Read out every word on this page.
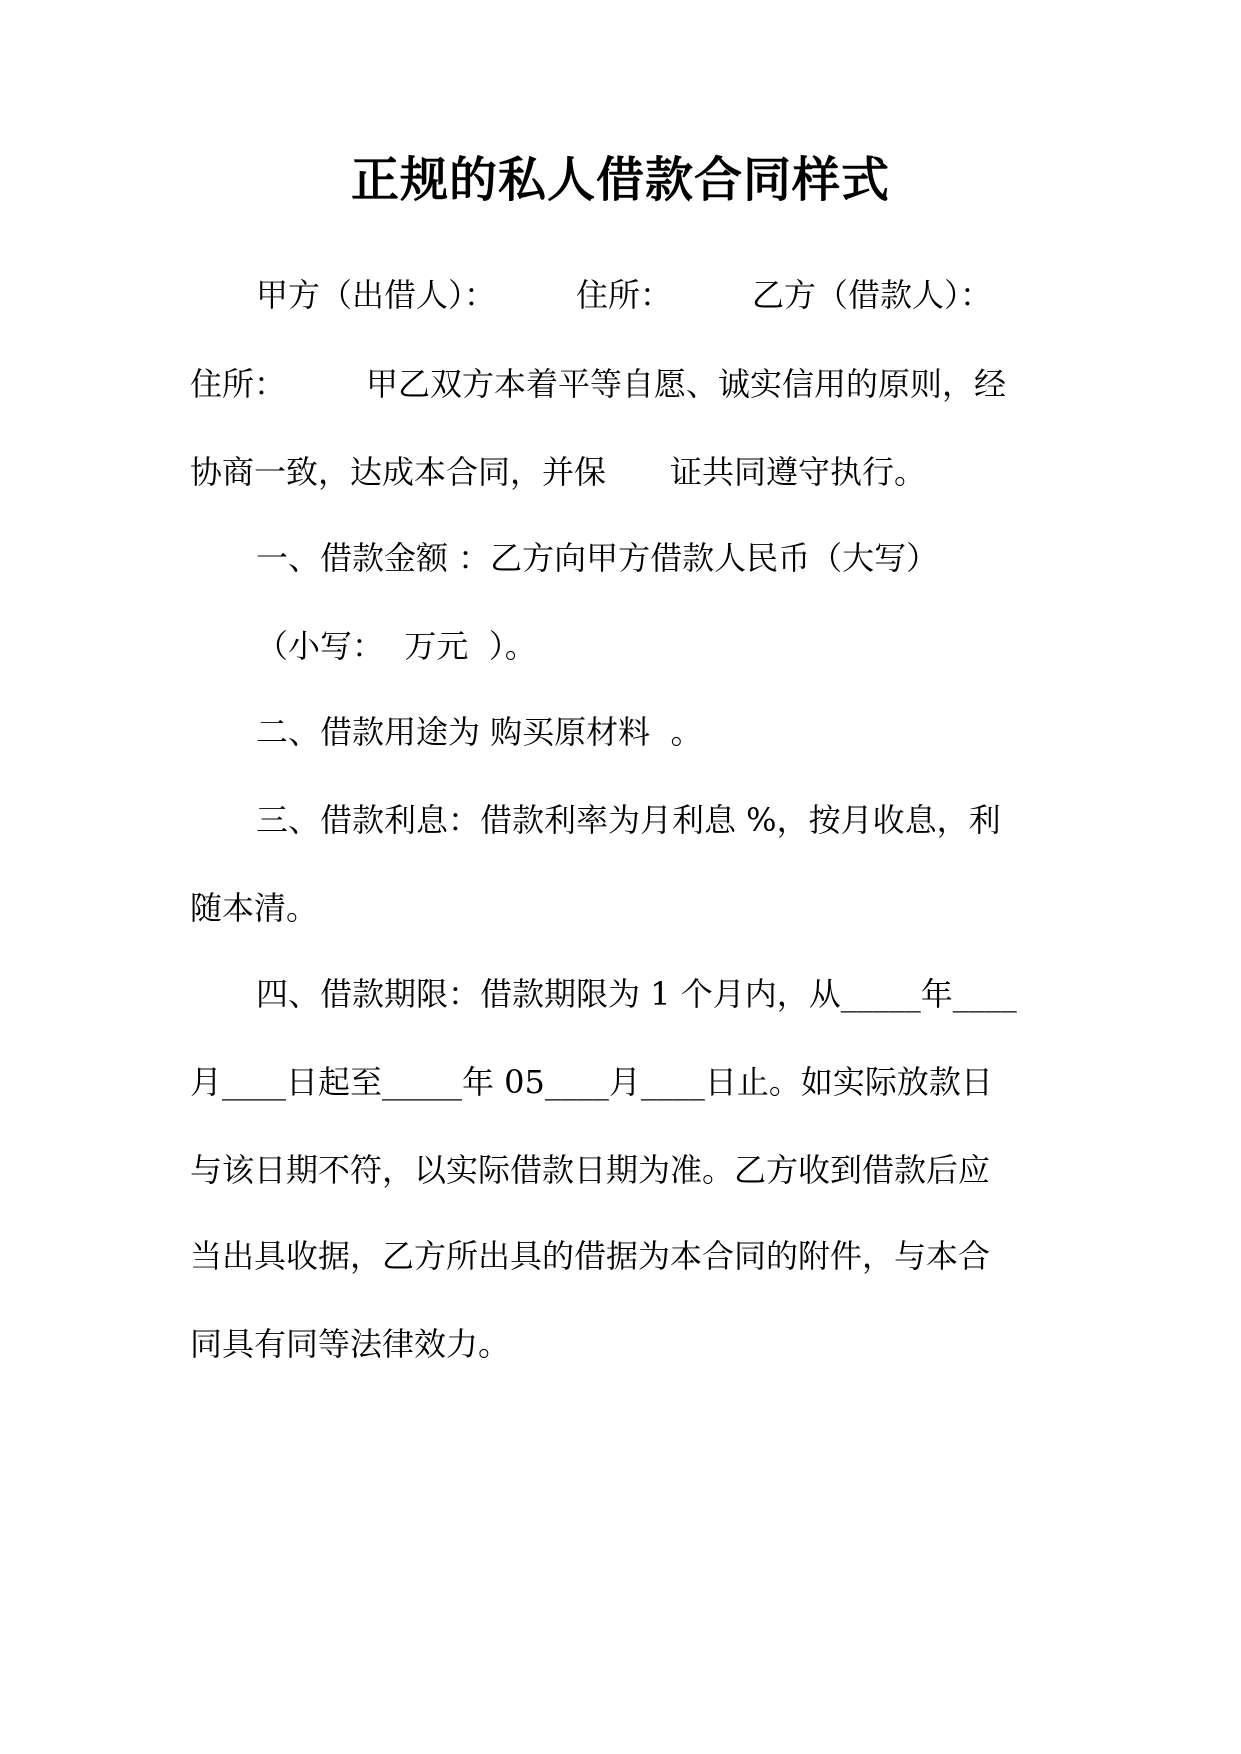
正规的私人借款合同样式
甲方（出借人）：　　　住所：　　　乙方（借款人）：
住所：　　　甲乙双方本着平等自愿、诚实信用的原则，经
协商一致，达成本合同，并保　　证共同遵守执行。
一、借款金额 ：乙方向甲方借款人民币（大写）
（小写：  万元  ）。
二、借款用途为 购买原材料  。
三、借款利息：借款利率为月利息 %，按月收息，利
随本清。
四、借款期限：借款期限为 1 个月内，从_____年____
月____日起至_____年 05____月____日止。如实际放款日
与该日期不符，以实际借款日期为准。乙方收到借款后应
当出具收据，乙方所出具的借据为本合同的附件，与本合
同具有同等法律效力。
